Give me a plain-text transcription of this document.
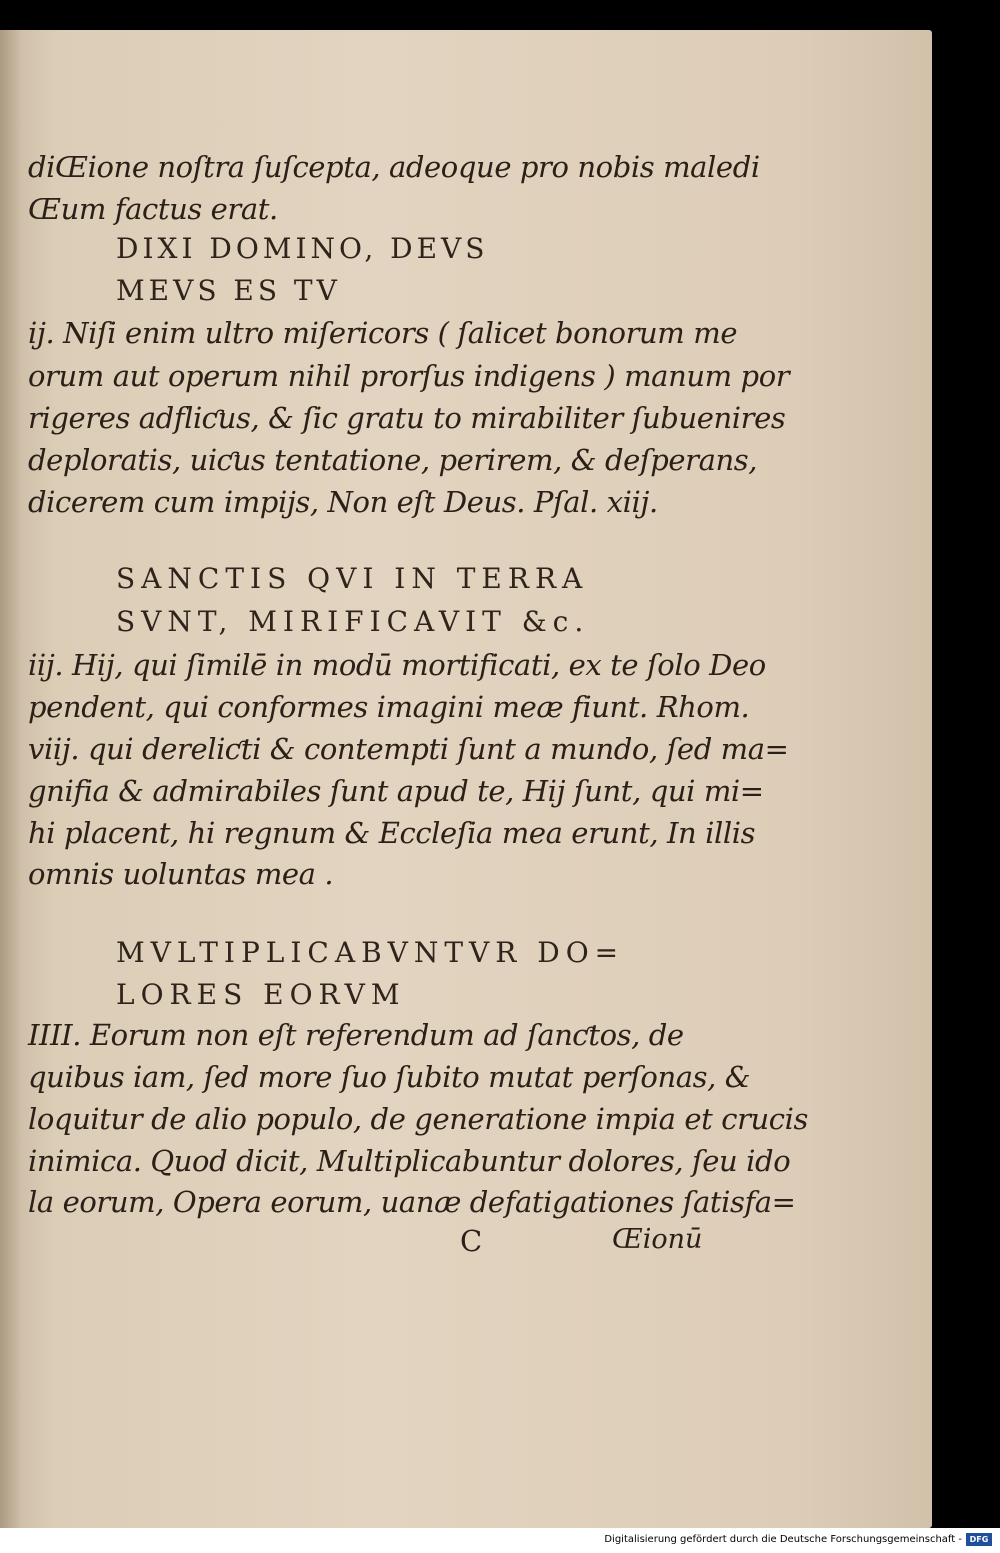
diŒione noſtra ſuſcepta, adeoque pro nobis maledi
Œum factus erat.
DIXI DOMINO, DEVS
MEVS ES TV
ij. Niſi enim ultro miſericors ( ſalicet bonorum me
orum aut operum nihil prorſus indigens ) manum por
rigeres adfliƈus, & ſic gratu to mirabiliter ſubuenires
deploratis, uiƈus tentatione, perirem, & deſperans,
dicerem cum impijs, Non eſt Deus. Pſal. xiij.
SANCTIS QVI IN TERRA
SVNT, MIRIFICAVIT &c.
iij. Hij, qui ſimilē in modū mortificati, ex te ſolo Deo
pendent, qui conformes imagini meæ fiunt. Rhom.
viij. qui dereliƈti & contempti ſunt a mundo, ſed ma=
gnifia & admirabiles ſunt apud te, Hij ſunt, qui mi=
hi placent, hi regnum & Eccleſia mea erunt, In illis
omnis uoluntas mea .
MVLTIPLICABVNTVR DO=
LORES EORVM
IIII. Eorum non eſt referendum ad ſanƈtos, de
quibus iam, ſed more ſuo ſubito mutat perſonas, &
loquitur de alio populo, de generatione impia et crucis
inimica. Quod dicit, Multiplicabuntur dolores, ſeu ido
la eorum, Opera eorum, uanæ defatigationes ſatisfa=
C	Œionū
Digitalisierung gefördert durch die Deutsche Forschungsgemeinschaft - DFG
